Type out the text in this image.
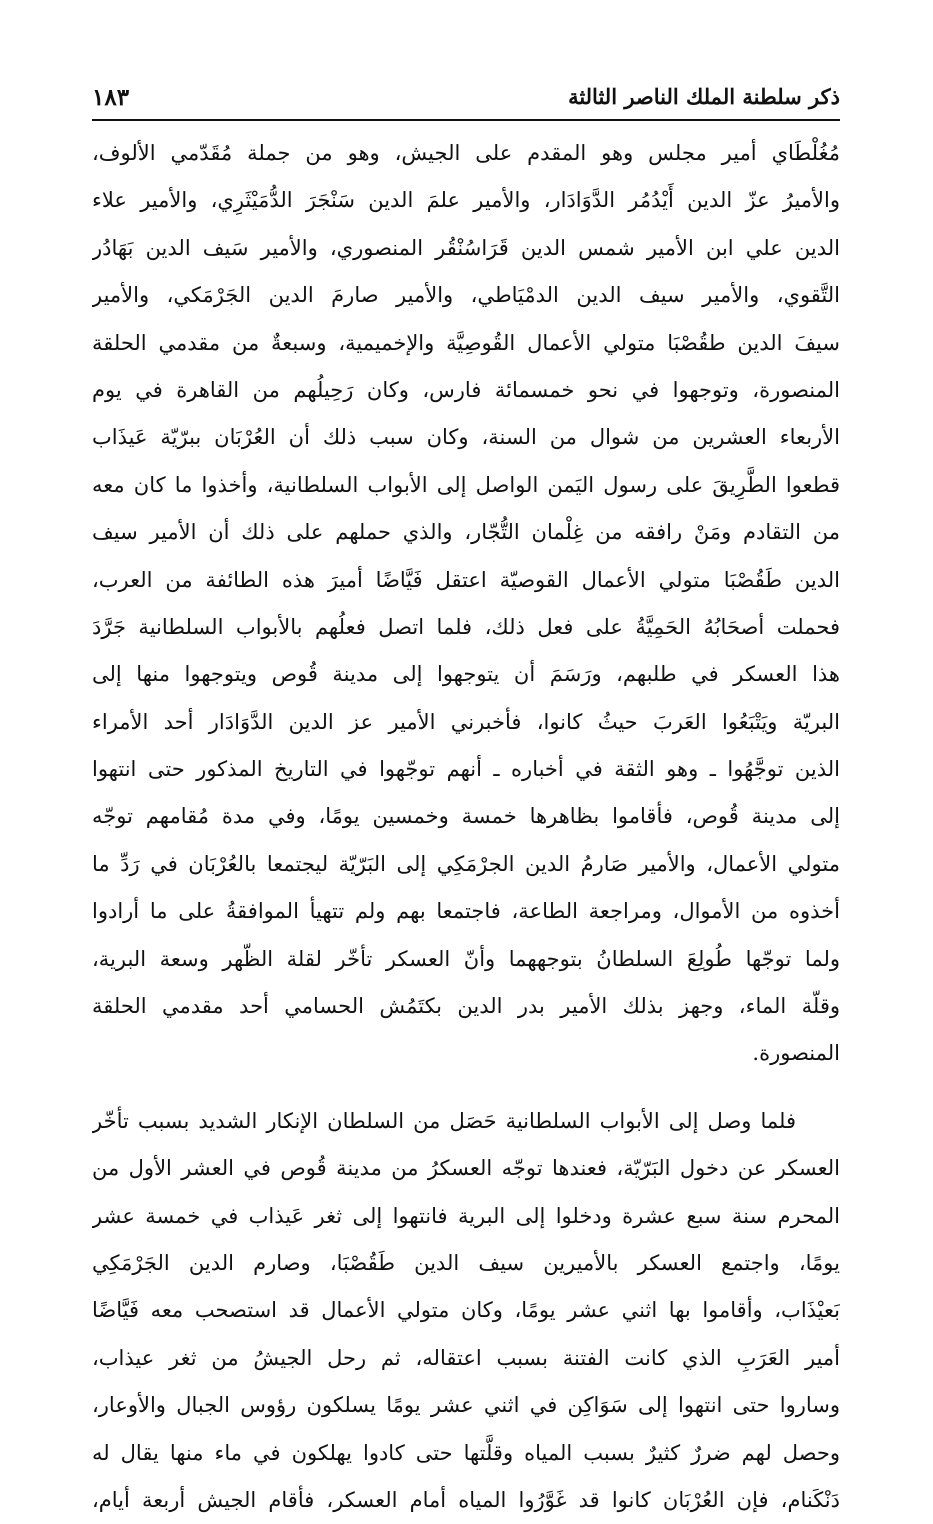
١٨٣	ذكر سلطنة الملك الناصر الثالثة
مُغُلْطَاي أمير مجلس وهو المقدم على الجيش، وهو من جملة مُقَدّمي الألوف،
والأميرُ عزّ الدين أَيْدُمُر الدَّوَادَار، والأمير علمَ الدين سَنْجَرَ الدُّمَيْثَرِي، والأمير علاء
الدين علي ابن الأمير شمس الدين قَرَاسُنْقُر المنصوري، والأمير سَيف الدين بَهَادُر
التَّقوي، والأمير سيف الدين الدمْيَاطي، والأمير صارمَ الدين الجَرْمَكي، والأمير
سيفَ الدين طقُصْبَا متولي الأعمال القُوصِيَّة والإخميمية، وسبعةٌ من مقدمي الحلقة
المنصورة، وتوجهوا في نحو خمسمائة فارس، وكان رَحِيلُهم من القاهرة في يوم
الأربعاء العشرين من شوال من السنة، وكان سبب ذلك أن العُرْبَان ببرّيّة عَيذَاب
قطعوا الطَّرِيقَ على رسول اليَمن الواصل إلى الأبواب السلطانية، وأخذوا ما كان معه
من التقادم ومَنْ رافقه من غِلْمان التُّجّار، والذي حملهم على ذلك أن الأمير سيف
الدين طَقُصْبَا متولي الأعمال القوصيّة اعتقل فَيَّاضًا أميرَ هذه الطائفة من العرب،
فحملت أصحَابُهُ الحَمِيَّةُ على فعل ذلك، فلما اتصل فعلُهم بالأبواب السلطانية جَرَّدَ
هذا العسكر في طلبهم، ورَسَمَ أن يتوجهوا إلى مدينة قُوص ويتوجهوا منها إلى
البريّة ويَتْبَعُوا العَربَ حيثُ كانوا، فأخبرني الأمير عز الدين الدَّوَادَار أحد الأمراء
الذين توجَّهُوا ـ وهو الثقة في أخباره ـ أنهم توجّهوا في التاريخ المذكور حتى انتهوا
إلى مدينة قُوص، فأقاموا بظاهرها خمسة وخمسين يومًا، وفي مدة مُقامهم توجّه
متولي الأعمال، والأمير صَارمُ الدين الجرْمَكِي إلى البَرّيّة ليجتمعا بالعُرْبَان في رَدِّ ما
أخذوه من الأموال، ومراجعة الطاعة، فاجتمعا بهم ولم تتهيأ الموافقةُ على ما أرادوا
ولما توجّها طُولِعَ السلطانُ بتوجههما وأنّ العسكر تأخّر لقلة الظّهر وسعة البرية،
وقلّة الماء، وجهز بذلك الأمير بدر الدين بكتَمُش الحسامي أحد مقدمي الحلقة
المنصورة.
فلما وصل إلى الأبواب السلطانية حَصَل من السلطان الإنكار الشديد بسبب تأخّر
العسكر عن دخول البَرّيّة، فعندها توجّه العسكرُ من مدينة قُوص في العشر الأول من
المحرم سنة سبع عشرة ودخلوا إلى البرية فانتهوا إلى ثغر عَيذاب في خمسة عشر
يومًا، واجتمع العسكر بالأميرين سيف الدين طَقُصْبَا، وصارم الدين الجَرْمَكِي
بَعيْذَاب، وأقاموا بها اثني عشر يومًا، وكان متولي الأعمال قد استصحب معه فَيَّاضًا
أمير العَرَبِ الذي كانت الفتنة بسبب اعتقاله، ثم رحل الجيشُ من ثغر عيذاب،
وساروا حتى انتهوا إلى سَوَاكِن في اثني عشر يومًا يسلكون رؤوس الجبال والأوعار،
وحصل لهم ضررٌ كثيرٌ بسبب المياه وقلَّتها حتى كادوا يهلكون في ماء منها يقال له
دَنْكَنام، فإن العُرْبَان كانوا قد غَوَّرُوا المياه أمام العسكر، فأقام الجيش أربعة أيام،
